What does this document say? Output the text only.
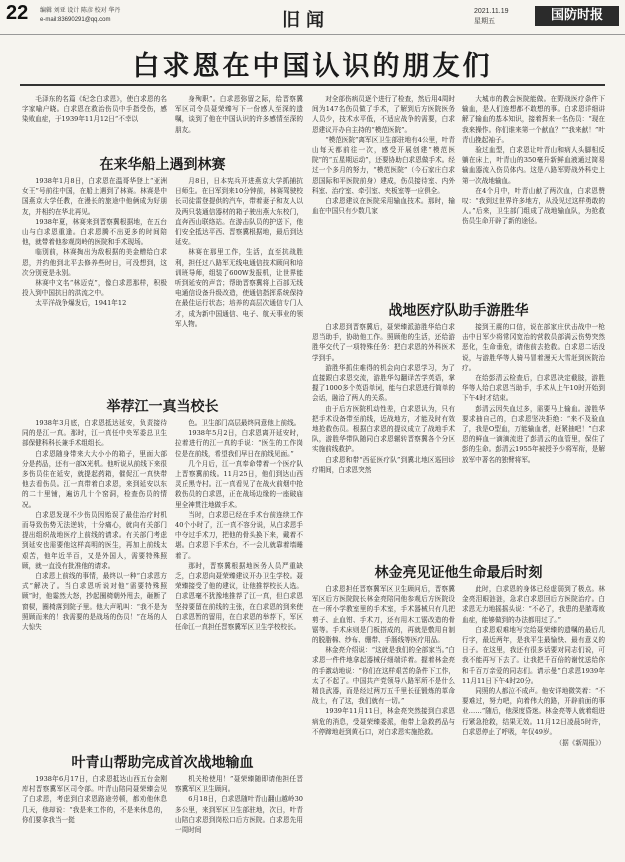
22 编辑 刘亚 设计 陈彦 校对 华丹
e-mail:83690291@qq.com	旧闻	2021.11.19
星期五	国防时报
白求恩在中国认识的朋友们

毛泽东的名篇《纪念白求恩》，使白求恩的名字家喻户晓。白求恩在救治伤员中手指受伤，感染败血症，于1939年11月12日“不幸以

身殉职”。白求恩弥留之际，给晋察冀军区司令员聂荣臻写下一份感人至深的遗嘱，谈到了他在中国认识的许多感情至深的朋友。

在来华船上遇到林赛

1938年1月8日，白求恩在温哥华登上“亚洲女王”号前往中国，在船上遇到了林赛。林赛是中国燕京大学任教，在漫长的旅途中他俩成为好朋友，并相约在华北再见。

1938年夏，林赛来到晋察冀根据地，在五台山与白求恩重逢。白求恩腾不出更多的时间陪他，就带着他参观岗岭的医院和手术现场。

临别前，林赛掏出为敌根据的美金赠给白求恩，并约他到北平去修养些时日，可没想到，这次分别竟是永别。

林赛中文名“林迈克”，像白求恩那样，积极投入到中国抗日的洪流之中。

太平洋战争爆发后，1941年12

月8日，日本宪兵开进燕京大学抓捕抗日师生。在日军到来10分钟前，林赛驾驶校长司徒雷登提供的汽车，带着妻子和友人以及两只装通信器材的箱子驶出燕大东校门，直奔西山联络站。在游击队员的护送下，他们安全抵达平西、晋察冀根据地，最后到达延安。

林赛在那里工作，生活，直至抗战胜利，担任过八路军无线电通信技术顾问和培训班导师，组装了600W发报机，让世界能听到延安的声音；帮助晋察冀将上百部无线电通信设备升级改造，使通信指挥系统保持在最佳运行状态；培养的高层次通信专门人才，成为新中国通信、电子、航天事业的领军人物。

举荐江一真当校长

1938年3月底，白求恩抵达延安，负责接待同的是江一真。那时，江一真任中央军委总卫生部保健科科长兼手术组组长。

白求恩随身带来大大小小的箱子，里面大部分是药品，还有一部X光机。他听说从前线下来很多伤员住在延安，就提起药箱，催促江一真快带他去看伤员。江一真带着白求恩，来到延安以东的二十里铺，遍访几十个窑洞，检查伤员的情况。

白求恩发现不少伤员因贻误了最佳治疗时机而导致伤势无法逆转，十分痛心，就向有关部门提出组织战地医疗上前线的请求。有关部门考虑到延安也需要他这样高明的医生，再加上前线太艰苦，他年近半百，又是外国人，需要特殊照顾，就一直没有批准他的请求。

白求恩上前线的事情，最终以一种“白求恩方式”解决了。当白求恩听说对他“需要特殊照顾”时，他霎然大怒，抄起圈椅朝外甩去，砸断了窗棂，圈椅落到院子里。他大声吼叫：“我不是为照顾而来的！我需要的是战场的伤员！”在场的人大惊失

色。卫生部门高层最终同意他上前线。

1938年5月2日，白求恩离开延安时，拉着进行的江一真的手说：“医生的工作岗位是在前线，希望我们早日在前线见面。”

几个月后，江一真奉命带着一个医疗队上晋察冀前线。11月25日，他们到达山西灵丘黑寺村。江一真看见了在战火前烟中抢救伤员的白求恩，正在战场边缘的一座破庙里全神贯注地做手术。

当时，白求恩已经在手术台前连续工作40个小时了，江一真不容分说，从白求恩手中夺过手术刀，把他的骨头换下来，戴着不堪。白求恩下手术台，不一会儿就靠着墙睡着了。

那时，晋察冀根据地医务人员严重缺乏，白求恩向聂荣臻建议开办卫生学校。聂荣臻接受了他的建议，让他推荐校长人选。白求恩毫不犹豫地推荐了江一真，但白求恩坚持要留在前线的主张，在白求恩的到来使白求恩暂的留用，在白求恩的举荐下，军区任命江一真担任晋察冀军区卫生学校校长。

叶青山帮助完成首次战地输血

1938年6月17日，白求恩抵达山西五台金刚库村晋察冀军区司令部。叶青山陪同聂荣臻会见了白求恩，考虑到白求恩路途劳顿，都劝他休息几天，他却说：“我是来工作的，不是来休息的，你们要拿我当一挺

机关枪使用！”聂荣臻随即请他担任晋察冀军区卫生顾问。

6月18日，白求恩随叶青山翻山越岭30多公里，来到军区卫生部驻地，次日，叶青山陪白求恩到岗松口后方医院。白求恩先用一周时间

对全部伤病员逐个进行了检查，然后用4周时间为147名伤员做了手术，了解到后方医院医务人员少，技术水平低，不适应战争的需要，白求恩建议开办自主持的“模范医院”。

“模范医院”离军区卫生部驻地有4公里，叶青山每天都前往一次，感受开展创建“模范医院”的“五星期运动”，还要协助白求恩做手术。经过一个多月的努力，“模范医院”（今石家庄白求恩国际和平医院前身）建成，伤员接待室、内外科室、治疗室、牵引室、夹板室等一应俱全。

白求恩建议在医院采用输血技术。那时，输血在中国只有少数几家

大城市的教会医院能做。在野战医疗条件下输血，是人们连想都不敢想的事。白求恩详细讲解了输血的基本知识，接着挥来一名伤员：“现在我来操作。你们谁来第一个献血？”“我来献！”叶青山挽起袖子。

验过血型，白求恩让叶青山和病人头脚相反躺在床上，叶青山的350毫升新鲜血液通过简易输血器流入伤员体内。这是八路军野战外科史上第一次战地输血。

在4个月中，叶青山献了两次血，白求恩赞叹：“我到过世界许多地方，从没见过这样勇敢的人。”后来，卫生部门组成了战地输血队，为抢救伤员生命开辟了新的途径。

战地医疗队助手游胜华

白求恩到晋察冀后，聂荣臻派游胜华给白求恩当助手，协助他工作。照顾他的生活，还给游胜华交代了一项特殊任务：把白求恩的外科医术学到手。

游胜华抓住难得的机会向白求恩学习，为了直接跟白求恩交流，游胜华勾翻译苦学英语，掌握了1000多个英语单词，能与白求恩进行简单的会话，融洽了两人的关系。

由于后方医院机动性差，白求恩认为，只有把手术设备带至前线，近战地方，才能及时有效地抢救伤员。根据白求恩的提议成立了战地手术队，游胜华带队随同白求恩辗转晋察冀各个分区实施前线救护。

白求恩和带“西征医疗队”到冀北地区巡回诊疗期间，白求恩突然

接到王震的口信，说在部家庄伏击战中一枪击中日军少将常冈宽治的营救员部满云伤势突然恶化，生命垂危，请他前去抢救。白求恩二话没说，与游胜华等人骑马冒着漫天大雪赶到医院治疗。

在给彭清云检查后，白求恩决定截肢，游胜华等人给白求恩当助手，手术从上午10时开始到下午4时才结束。

彭清云因失血过多，需要马上输血。游胜华要求抽自己的，白求恩坚决拒绝：“来不及验血了，我是O型血，万能输血者，赶紧抽吧！”白求恩的鲜血一滴滴流进了彭清云的血管里，保住了彭的生命。彭清云1955年被授予少将军衔，是解放军中著名的独臂将军。

林金亮见证他生命最后时刻

白求恩担任晋察冀军区卫生顾问后，晋察冀军区后方医院院长林金亮陪同他参观后方医院设在一所小学教室里的手术室，手术器械只有几把剪子、止血钳、手术刀，还有用木工锯改造的骨锯等。手术床则是门板搭成的，再就是敷用自制的脱脂棉、纱布、绷带、手肠线等医疗用品。

林金亮介绍说：“这就是我们的全部家当。”白求恩一件件地拿起器械仔细端详着。握着林金亮的手激动地说：“你们在这样艰苦的条件下工作，太了不起了。中国共产党领导八路军所不是什么精良武器，而是经过两万五千里长征锻炼的革命战士，有了这，我们就有一切。”

1939年11月11日，林金亮突然接到白求恩病危的消息，受聂荣臻委派，他带上急救药品与不停蹄地赶到黄石口，对白求恩实施抢救。

此时，白求恩的身体已经虚弱到了极点。林金亮泪眼涟涟，急求白求恩回后方医院治疗。白求恩无力地摇摇头说：“不必了，我患的是脓毒败血症，能够做到的办法都用过了。”

白求恩艰难地写完给聂荣臻的遗嘱的最后几行字，最近两年，是我平生最愉快、最有意义的日子。在这里，我还有很多话要对同志们说，可我不能再写下去了。让我把千百倍的谢忱送给你和千百万亲爱的同志们。请示曼”白求恩1939年11月11日下午4时20分。

同照的人都泣不成声。他安详地微笑着：“不要难过，努力吧，向着伟大的路，开辟前面的事业……”随后，他深度昏迷。林金亮等人就着组进行紧急抢救，结果无效。11月12日凌晨5时许，白求恩停止了呼吸，年仅49岁。

（据《新周报》）
